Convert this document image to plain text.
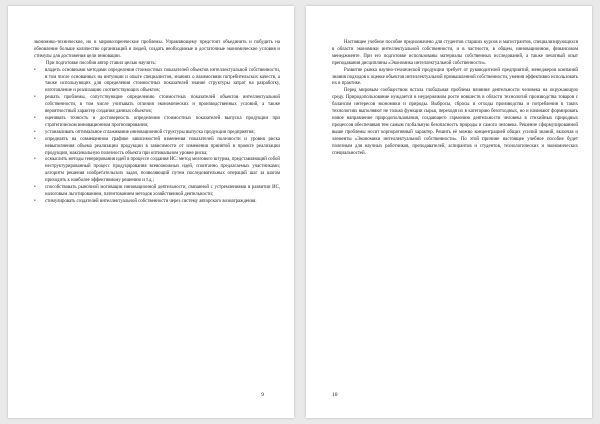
экономико-технические, но и мировоззренческие проблемы. Управляющему предстоит объединить и побудить на обновление больше количество организаций и людей, создать необходимые и достаточные экономические условия и стимулы для достижения цели инновации.

При подготовке пособия автор ставил целью научить:

• владеть основными методами определения стоимостных показателей объектов интеллектуальной собственности, в том числе основанных на интуиции и опыте специалистов, знаниях о взаимосвязи потребительских качеств, а также использующих для определения стоимостных показателей знание структуры затрат на разработку, изготовление и реализацию соответствующих объектов;
• решать проблемы, сопутствующие определению стоимостных показателей объектов интеллектуальной собственности, в том числе учитывать отличия экономических и производственных условий, а также вероятностный характер создания данных объектов;
• оценивать точность и достоверность определения стоимостных показателей выпуска продукции при стратегическом инновационном прогнозировании;
• устанавливать оптимальное сглаживание инновационной структуры выпуска продукции предприятия;
• определять на совмещенном графике зависимостей изменения показателей полезности и уровня риска невыполнения объема реализации продукции в зависимости от изменения принятой в проекте реализации продукции, максимальную полезность объекта при оптимальном уровне риска;
• осмыслить методы генерирования идей в процессе создания ИС: метод мозгового штурма, представляющий собой неструктурированный процесс продуцирования всевозможных идей, спонтанно предлагаемых участниками; алгоритм решения изобретательских задач, позволяющий путем последовательных операций шаг за шагом приходить к наиболее эффективному решению и т.д.;
• способствовать рыночной мотивации инновационной деятельности, связанной с устремлениями в развитии ИС, налоговым льготированием, патентованием методов хозяйственной деятельности;
• стимулировать создателей интеллектуальной собственности через систему авторского вознаграждения.
9

Настоящее учебное пособие предназначено для студентов старших курсов и магистрантов, специализирующихся в области экономики интеллектуальной собственности, и в частности, в общем, инновационном, финансовом менеджменте. При его подготовке использованы материалы собственных исследований, а также печатный опыт преподавания дисциплины «Экономика интеллектуальной собственности».

Развитие рынка научно-технической продукции требует от руководителей предприятий, менеджеров компаний знания подходов к оценке объектов интеллектуальной промышленной собственности, умения эффективно использовать их в практике.

Перед мировым сообществом встала глобальная проблема влияния деятельности человека на окружающую среду. Природопользование нуждается в неудержимом росте новшеств в области технологий производства товаров с балансом интересов экономики и природы. Выбросы, сбросы и отходы производства и потребления в таких технологиях выполняют не только функции сырья, переходя их в категорию безотходных, но и начинают формировать новое направление природопользования, создающего гармонию деятельности человека в стихийных природных процессов обеспечивая тем самым глобальную безопасность природы и самого человека. Решение сформулированной выше проблемы носит корпоративный характер. Решить её можно концентрацией общих усилий знаний, включая и элементы «Экономики интеллектуальной собственности». По этой причине настоящее учебное пособие будет полезным для научных работников, преподавателей, аспирантов и студентов, технологических и экономических специальностей.

10
